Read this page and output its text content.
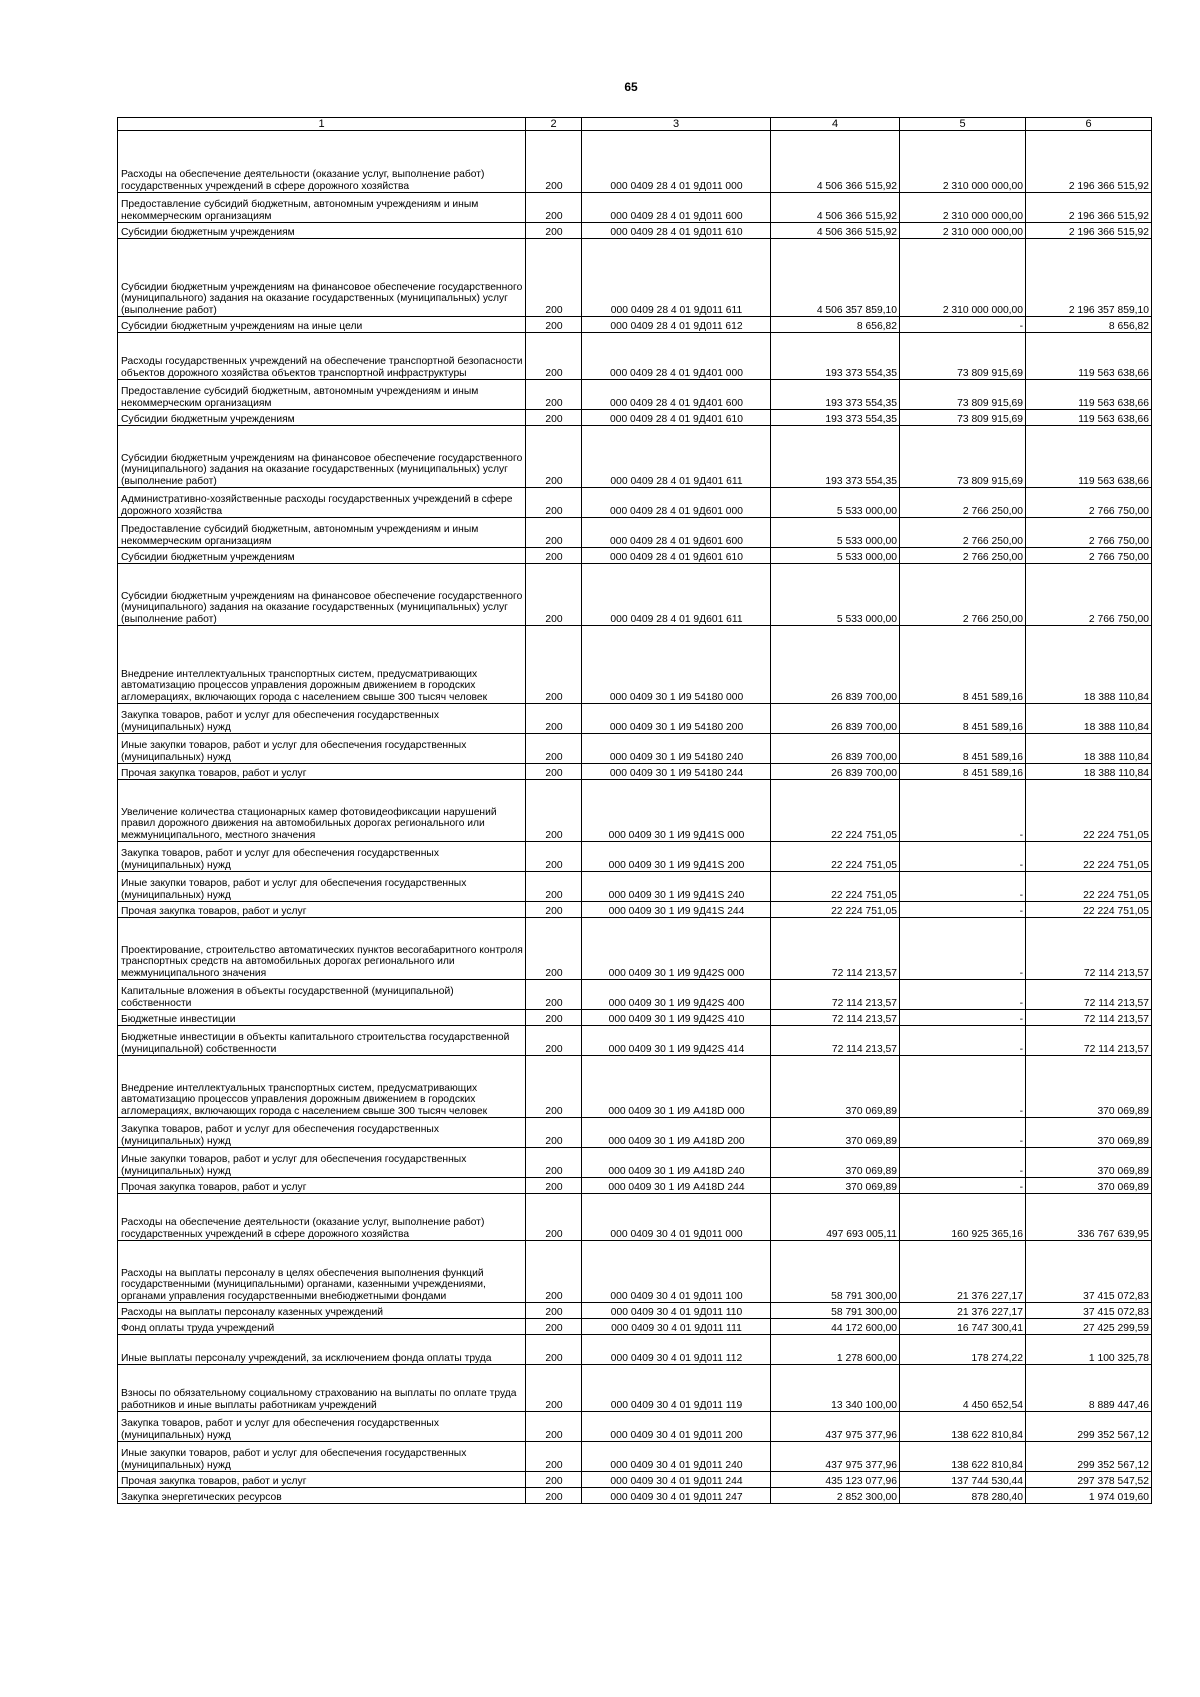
65
1	2	3	4	5	6
Расходы на обеспечение деятельности (оказание услуг, выполнение работ) государственных учреждений в сфере дорожного хозяйства	200	000 0409 28 4 01 9Д011 000	4 506 366 515,92	2 310 000 000,00	2 196 366 515,92
Предоставление субсидий бюджетным, автономным учреждениям и иным некоммерческим организациям	200	000 0409 28 4 01 9Д011 600	4 506 366 515,92	2 310 000 000,00	2 196 366 515,92
Субсидии бюджетным учреждениям	200	000 0409 28 4 01 9Д011 610	4 506 366 515,92	2 310 000 000,00	2 196 366 515,92
Субсидии бюджетным учреждениям на финансовое обеспечение государственного (муниципального) задания на оказание государственных (муниципальных) услуг (выполнение работ)	200	000 0409 28 4 01 9Д011 611	4 506 357 859,10	2 310 000 000,00	2 196 357 859,10
Субсидии бюджетным учреждениям на иные цели	200	000 0409 28 4 01 9Д011 612	8 656,82	-	8 656,82
Расходы государственных учреждений на обеспечение транспортной безопасности объектов дорожного хозяйства объектов транспортной инфраструктуры	200	000 0409 28 4 01 9Д401 000	193 373 554,35	73 809 915,69	119 563 638,66
Предоставление субсидий бюджетным, автономным учреждениям и иным некоммерческим организациям	200	000 0409 28 4 01 9Д401 600	193 373 554,35	73 809 915,69	119 563 638,66
Субсидии бюджетным учреждениям	200	000 0409 28 4 01 9Д401 610	193 373 554,35	73 809 915,69	119 563 638,66
Субсидии бюджетным учреждениям на финансовое обеспечение государственного (муниципального) задания на оказание государственных (муниципальных) услуг (выполнение работ)	200	000 0409 28 4 01 9Д401 611	193 373 554,35	73 809 915,69	119 563 638,66
Административно-хозяйственные расходы государственных учреждений в сфере дорожного хозяйства	200	000 0409 28 4 01 9Д601 000	5 533 000,00	2 766 250,00	2 766 750,00
Предоставление субсидий бюджетным, автономным учреждениям и иным некоммерческим организациям	200	000 0409 28 4 01 9Д601 600	5 533 000,00	2 766 250,00	2 766 750,00
Субсидии бюджетным учреждениям	200	000 0409 28 4 01 9Д601 610	5 533 000,00	2 766 250,00	2 766 750,00
Субсидии бюджетным учреждениям на финансовое обеспечение государственного (муниципального) задания на оказание государственных (муниципальных) услуг (выполнение работ)	200	000 0409 28 4 01 9Д601 611	5 533 000,00	2 766 250,00	2 766 750,00
Внедрение интеллектуальных транспортных систем, предусматривающих автоматизацию процессов управления дорожным движением в городских агломерациях, включающих города с населением свыше 300 тысяч человек	200	000 0409 30 1 И9 54180 000	26 839 700,00	8 451 589,16	18 388 110,84
Закупка товаров, работ и услуг для обеспечения государственных (муниципальных) нужд	200	000 0409 30 1 И9 54180 200	26 839 700,00	8 451 589,16	18 388 110,84
Иные закупки товаров, работ и услуг для обеспечения государственных (муниципальных) нужд	200	000 0409 30 1 И9 54180 240	26 839 700,00	8 451 589,16	18 388 110,84
Прочая закупка товаров, работ и услуг	200	000 0409 30 1 И9 54180 244	26 839 700,00	8 451 589,16	18 388 110,84
Увеличение количества стационарных камер фотовидеофиксации нарушений правил дорожного движения на автомобильных дорогах регионального или межмуниципального, местного значения	200	000 0409 30 1 И9 9Д41S 000	22 224 751,05	-	22 224 751,05
Закупка товаров, работ и услуг для обеспечения государственных (муниципальных) нужд	200	000 0409 30 1 И9 9Д41S 200	22 224 751,05	-	22 224 751,05
Иные закупки товаров, работ и услуг для обеспечения государственных (муниципальных) нужд	200	000 0409 30 1 И9 9Д41S 240	22 224 751,05	-	22 224 751,05
Прочая закупка товаров, работ и услуг	200	000 0409 30 1 И9 9Д41S 244	22 224 751,05	-	22 224 751,05
Проектирование, строительство автоматических пунктов весогабаритного контроля транспортных средств на автомобильных дорогах регионального или межмуниципального значения	200	000 0409 30 1 И9 9Д42S 000	72 114 213,57	-	72 114 213,57
Капитальные вложения в объекты государственной (муниципальной) собственности	200	000 0409 30 1 И9 9Д42S 400	72 114 213,57	-	72 114 213,57
Бюджетные инвестиции	200	000 0409 30 1 И9 9Д42S 410	72 114 213,57	-	72 114 213,57
Бюджетные инвестиции в объекты капитального строительства государственной (муниципальной) собственности	200	000 0409 30 1 И9 9Д42S 414	72 114 213,57	-	72 114 213,57
Внедрение интеллектуальных транспортных систем, предусматривающих автоматизацию процессов управления дорожным движением в городских агломерациях, включающих города с населением свыше 300 тысяч человек	200	000 0409 30 1 И9 А418D 000	370 069,89	-	370 069,89
Закупка товаров, работ и услуг для обеспечения государственных (муниципальных) нужд	200	000 0409 30 1 И9 А418D 200	370 069,89	-	370 069,89
Иные закупки товаров, работ и услуг для обеспечения государственных (муниципальных) нужд	200	000 0409 30 1 И9 А418D 240	370 069,89	-	370 069,89
Прочая закупка товаров, работ и услуг	200	000 0409 30 1 И9 А418D 244	370 069,89	-	370 069,89
Расходы на обеспечение деятельности (оказание услуг, выполнение работ) государственных учреждений в сфере дорожного хозяйства	200	000 0409 30 4 01 9Д011 000	497 693 005,11	160 925 365,16	336 767 639,95
Расходы на выплаты персоналу в целях обеспечения выполнения функций государственными (муниципальными) органами, казенными учреждениями, органами управления государственными внебюджетными фондами	200	000 0409 30 4 01 9Д011 100	58 791 300,00	21 376 227,17	37 415 072,83
Расходы на выплаты персоналу казенных учреждений	200	000 0409 30 4 01 9Д011 110	58 791 300,00	21 376 227,17	37 415 072,83
Фонд оплаты труда учреждений	200	000 0409 30 4 01 9Д011 111	44 172 600,00	16 747 300,41	27 425 299,59
Иные выплаты персоналу учреждений, за исключением фонда оплаты труда	200	000 0409 30 4 01 9Д011 112	1 278 600,00	178 274,22	1 100 325,78
Взносы по обязательному социальному страхованию на выплаты по оплате труда работников и иные выплаты работникам учреждений	200	000 0409 30 4 01 9Д011 119	13 340 100,00	4 450 652,54	8 889 447,46
Закупка товаров, работ и услуг для обеспечения государственных (муниципальных) нужд	200	000 0409 30 4 01 9Д011 200	437 975 377,96	138 622 810,84	299 352 567,12
Иные закупки товаров, работ и услуг для обеспечения государственных (муниципальных) нужд	200	000 0409 30 4 01 9Д011 240	437 975 377,96	138 622 810,84	299 352 567,12
Прочая закупка товаров, работ и услуг	200	000 0409 30 4 01 9Д011 244	435 123 077,96	137 744 530,44	297 378 547,52
Закупка энергетических ресурсов	200	000 0409 30 4 01 9Д011 247	2 852 300,00	878 280,40	1 974 019,60
